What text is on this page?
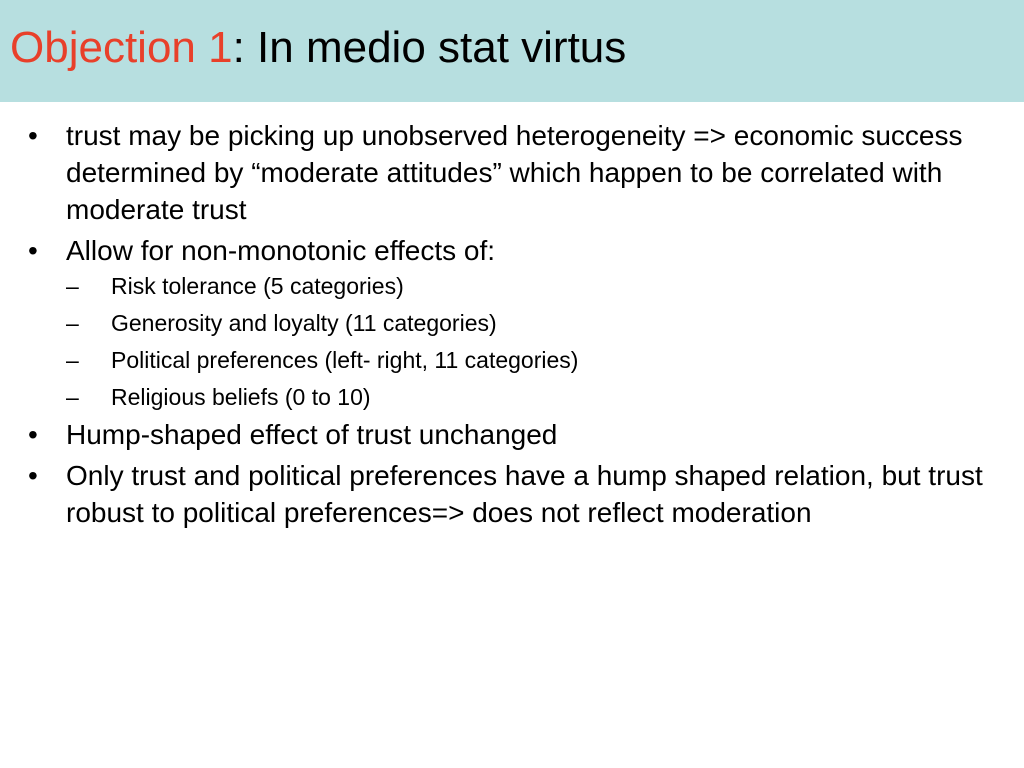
Objection 1: In medio stat virtus
•	trust may be picking up unobserved heterogeneity => economic success determined by “moderate attitudes” which happen to be correlated with moderate trust
•	Allow for non-monotonic effects of:
– Risk tolerance (5 categories)
– Generosity and loyalty (11 categories)
– Political preferences (left- right, 11 categories)
– Religious beliefs (0 to 10)
•	Hump-shaped effect of trust unchanged
•	Only trust and political preferences have a hump shaped relation, but trust robust to political preferences=> does not reflect moderation
